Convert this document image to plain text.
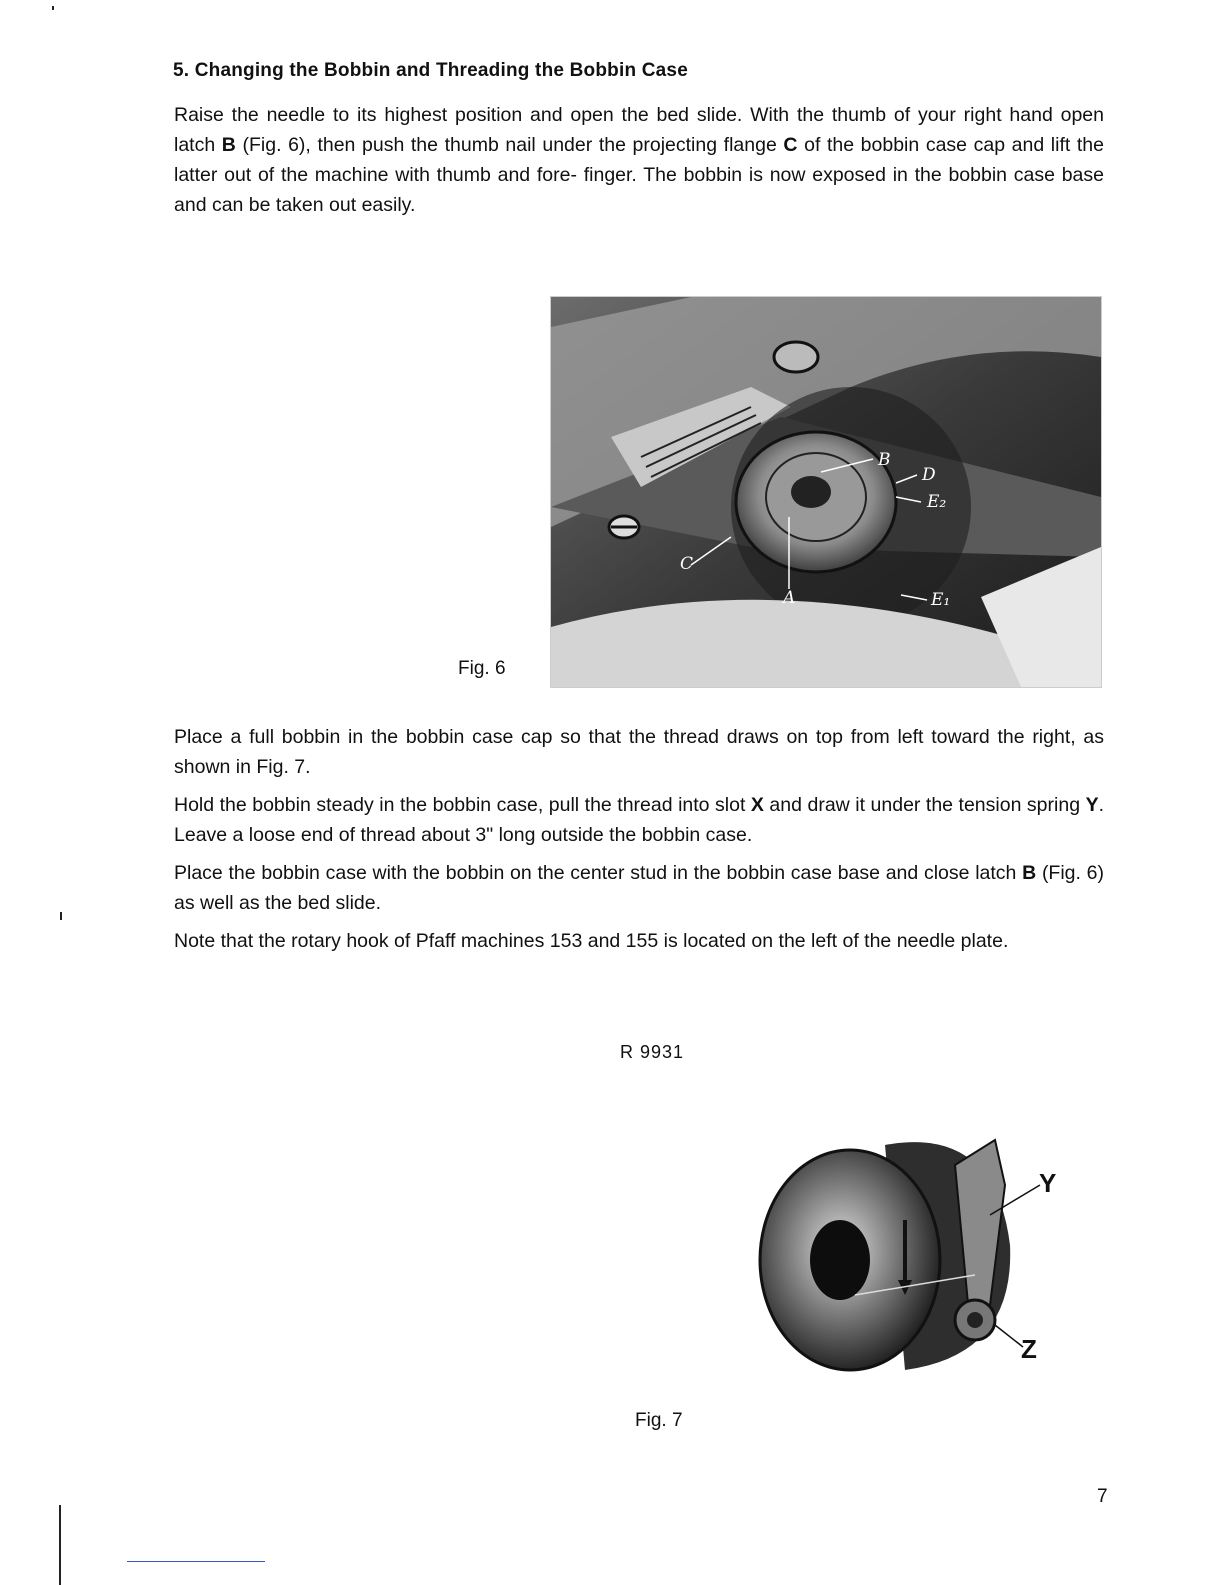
5. Changing the Bobbin and Threading the Bobbin Case
Raise the needle to its highest position and open the bed slide. With the thumb of your right hand open latch B (Fig. 6), then push the thumb nail under the projecting flange C of the bobbin case cap and lift the latter out of the machine with thumb and fore- finger. The bobbin is now exposed in the bobbin case base and can be taken out easily.
B
D
E₂
C
A	E₁
Fig. 6
Place a full bobbin in the bobbin case cap so that the thread draws on top from left toward the right, as shown in Fig. 7.
Hold the bobbin steady in the bobbin case, pull the thread into slot X and draw it under the tension spring Y. Leave a loose end of thread about 3" long outside the bobbin case.
Place the bobbin case with the bobbin on the center stud in the bobbin case base and close latch B (Fig. 6) as well as the bed slide.
Note that the rotary hook of Pfaff machines 153 and 155 is located on the left of the needle plate.
R 9931
Y
Z
Fig. 7
7
